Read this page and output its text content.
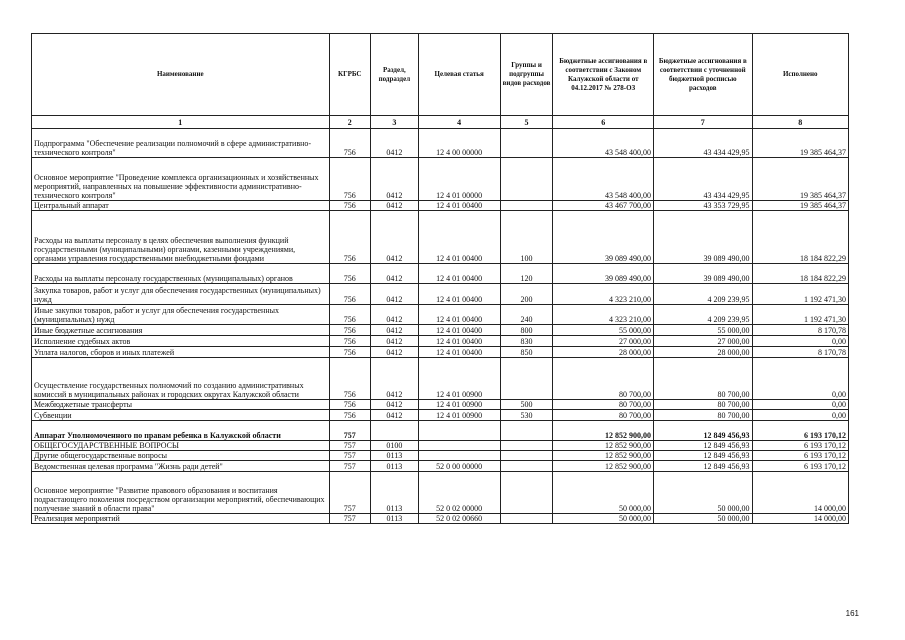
Наименование	КГРБС	Раздел, подраздел	Целевая статья	Группы и подгруппы видов расходов	Бюджетные ассигнования в соответствии с Законом Калужской области от 04.12.2017 № 278-ОЗ	Бюджетные ассигнования в соответствии с уточненной бюджетной росписью расходов	Исполнено
1	2	3	4	5	6	7	8
Подпрограмма "Обеспечение реализации полномочий в сфере административно-технического контроля"	756	0412	12 4 00 00000		43 548 400,00	43 434 429,95	19 385 464,37
Основное мероприятие "Проведение комплекса организационных и хозяйственных мероприятий, направленных на повышение эффективности административно-технического контроля"	756	0412	12 4 01 00000		43 548 400,00	43 434 429,95	19 385 464,37
Центральный аппарат	756	0412	12 4 01 00400		43 467 700,00	43 353 729,95	19 385 464,37
Расходы на выплаты персоналу в целях обеспечения выполнения функций государственными (муниципальными) органами, казенными учреждениями, органами управления государственными внебюджетными фондами	756	0412	12 4 01 00400	100	39 089 490,00	39 089 490,00	18 184 822,29
Расходы на выплаты персоналу государственных (муниципальных) органов	756	0412	12 4 01 00400	120	39 089 490,00	39 089 490,00	18 184 822,29
Закупка товаров, работ и услуг для обеспечения государственных (муниципальных) нужд	756	0412	12 4 01 00400	200	4 323 210,00	4 209 239,95	1 192 471,30
Иные закупки товаров, работ и услуг для обеспечения государственных (муниципальных) нужд	756	0412	12 4 01 00400	240	4 323 210,00	4 209 239,95	1 192 471,30
Иные бюджетные ассигнования	756	0412	12 4 01 00400	800	55 000,00	55 000,00	8 170,78
Исполнение судебных актов	756	0412	12 4 01 00400	830	27 000,00	27 000,00	0,00
Уплата налогов, сборов и иных платежей	756	0412	12 4 01 00400	850	28 000,00	28 000,00	8 170,78
Осуществление государственных полномочий по созданию административных комиссий в муниципальных районах и городских округах Калужской области	756	0412	12 4 01 00900		80 700,00	80 700,00	0,00
Межбюджетные трансферты	756	0412	12 4 01 00900	500	80 700,00	80 700,00	0,00
Субвенции	756	0412	12 4 01 00900	530	80 700,00	80 700,00	0,00
Аппарат Уполномоченного по правам ребенка в Калужской области	757				12 852 900,00	12 849 456,93	6 193 170,12
ОБЩЕГОСУДАРСТВЕННЫЕ ВОПРОСЫ	757	0100			12 852 900,00	12 849 456,93	6 193 170,12
Другие общегосударственные вопросы	757	0113			12 852 900,00	12 849 456,93	6 193 170,12
Ведомственная целевая программа "Жизнь ради детей"	757	0113	52 0 00 00000		12 852 900,00	12 849 456,93	6 193 170,12
Основное мероприятие "Развитие правового образования и воспитания подрастающего поколения посредством организации мероприятий, обеспечивающих получение знаний в области права"	757	0113	52 0 02 00000		50 000,00	50 000,00	14 000,00
Реализация мероприятий	757	0113	52 0 02 00660		50 000,00	50 000,00	14 000,00
161
